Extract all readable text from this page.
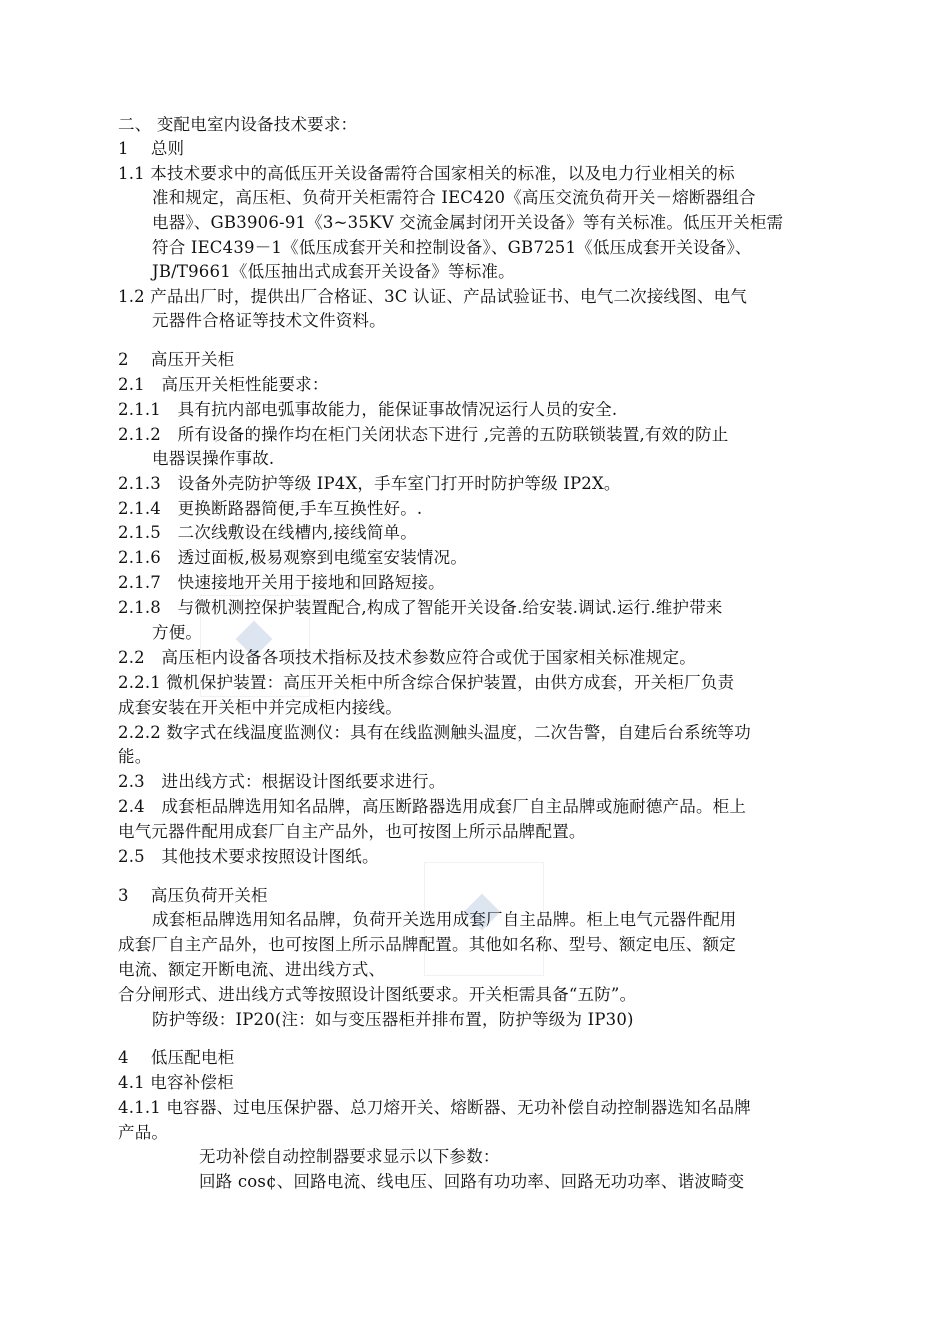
二、 变配电室内设备技术要求：
1　 总则
1.1 本技术要求中的高低压开关设备需符合国家相关的标准，以及电力行业相关的标
准和规定，高压柜、负荷开关柜需符合 IEC420《高压交流负荷开关－熔断器组合
电器》、GB3906-91《3~35KV 交流金属封闭开关设备》等有关标准。低压开关柜需
符合 IEC439－1《低压成套开关和控制设备》、GB7251《低压成套开关设备》、
JB/T9661《低压抽出式成套开关设备》等标准。
1.2 产品出厂时，提供出厂合格证、3C 认证、产品试验证书、电气二次接线图、电气
元器件合格证等技术文件资料。
2　 高压开关柜
2.1　高压开关柜性能要求：
2.1.1　具有抗内部电弧事故能力，能保证事故情况运行人员的安全.
2.1.2　所有设备的操作均在柜门关闭状态下进行 ,完善的五防联锁装置,有效的防止
电器误操作事故.
2.1.3　设备外壳防护等级 IP4X，手车室门打开时防护等级 IP2X。
2.1.4　更换断路器简便,手车互换性好。.
2.1.5　二次线敷设在线槽内,接线简单。
2.1.6　透过面板,极易观察到电缆室安装情况。
2.1.7　快速接地开关用于接地和回路短接。
2.1.8　与微机测控保护装置配合,构成了智能开关设备.给安装.调试.运行.维护带来
方便。
2.2　高压柜内设备各项技术指标及技术参数应符合或优于国家相关标准规定。
2.2.1 微机保护装置：高压开关柜中所含综合保护装置，由供方成套，开关柜厂负责
成套安装在开关柜中并完成柜内接线。
2.2.2 数字式在线温度监测仪：具有在线监测触头温度，二次告警，自建后台系统等功
能。
2.3　进出线方式：根据设计图纸要求进行。
2.4　成套柜品牌选用知名品牌，高压断路器选用成套厂自主品牌或施耐德产品。柜上
电气元器件配用成套厂自主产品外，也可按图上所示品牌配置。
2.5　其他技术要求按照设计图纸。
3　 高压负荷开关柜
成套柜品牌选用知名品牌，负荷开关选用成套厂自主品牌。柜上电气元器件配用
成套厂自主产品外，也可按图上所示品牌配置。其他如名称、型号、额定电压、额定
电流、额定开断电流、进出线方式、
合分闸形式、进出线方式等按照设计图纸要求。开关柜需具备“五防”。
防护等级：IP20(注：如与变压器柜并排布置，防护等级为 IP30)
4　 低压配电柜
4.1 电容补偿柜
4.1.1 电容器、过电压保护器、总刀熔开关、熔断器、无功补偿自动控制器选知名品牌
产品。
无功补偿自动控制器要求显示以下参数：
回路 cos¢、回路电流、线电压、回路有功功率、回路无功功率、谐波畸变
